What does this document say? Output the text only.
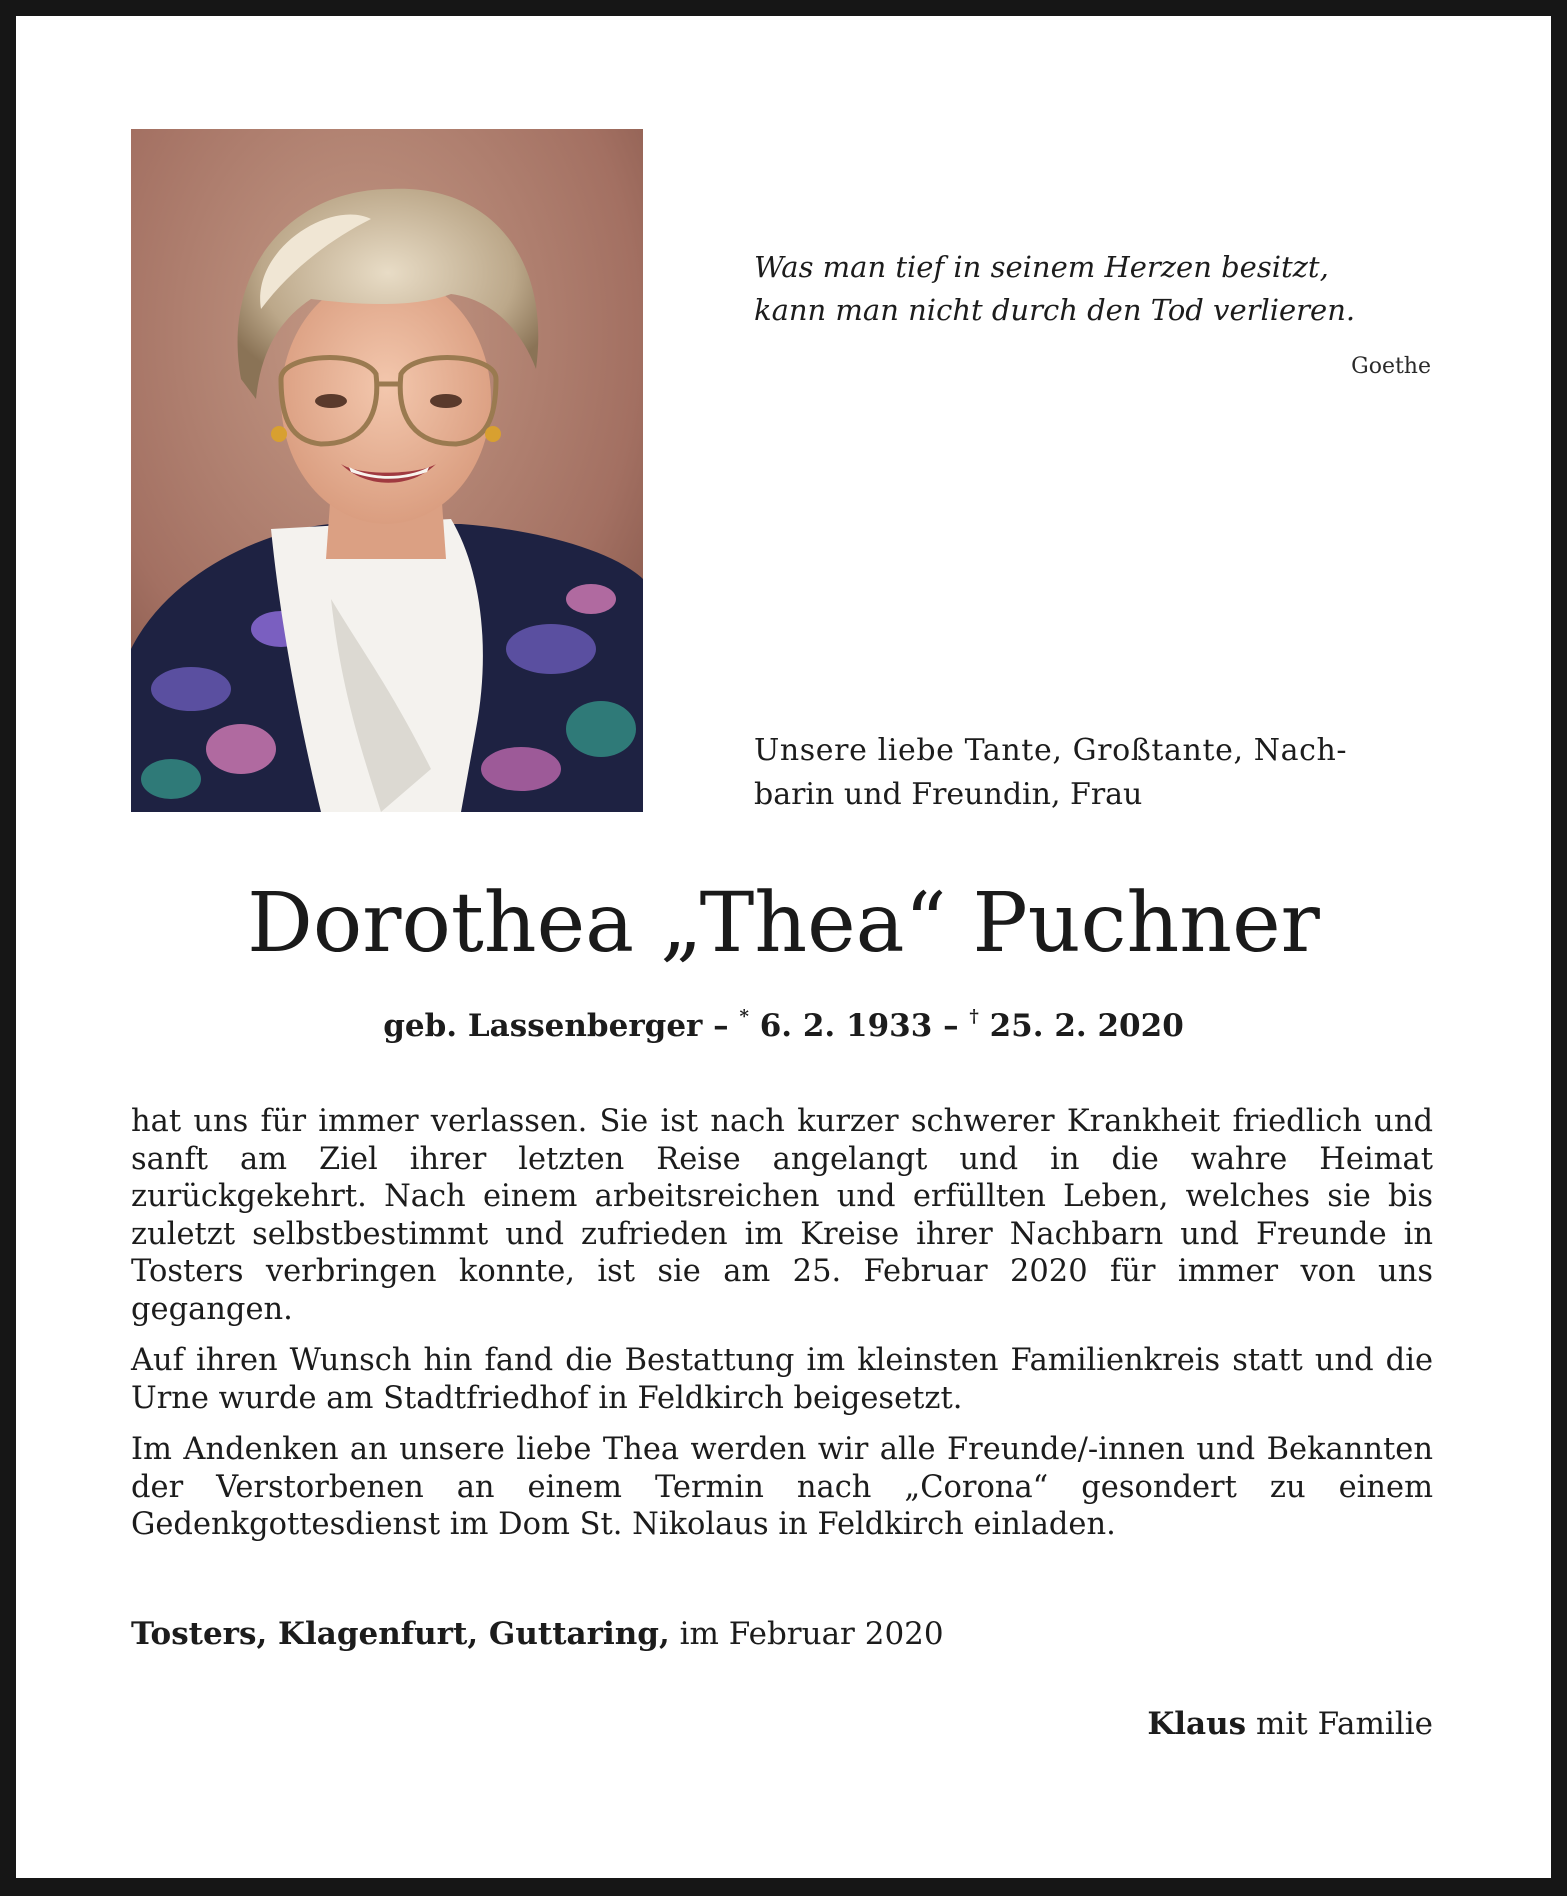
Was man tief in seinem Herzen besitzt,
kann man nicht durch den Tod verlieren.
Goethe
Unsere liebe Tante, Großtante, Nach-
barin und Freundin, Frau
Dorothea „Thea“ Puchner
geb. Lassenberger – * 6. 2. 1933 – † 25. 2. 2020

hat uns für immer verlassen. Sie ist nach kurzer schwerer Krankheit friedlich und sanft am Ziel ihrer letzten Reise angelangt und in die wahre Heimat zurückgekehrt. Nach einem arbeitsreichen und erfüllten Leben, welches sie bis zuletzt selbstbestimmt und zufrieden im Kreise ihrer Nachbarn und Freunde in Tosters verbringen konnte, ist sie am 25. Februar 2020 für immer von uns gegangen.

Auf ihren Wunsch hin fand die Bestattung im kleinsten Familienkreis statt und die Urne wurde am Stadtfriedhof in Feldkirch beigesetzt.

Im Andenken an unsere liebe Thea werden wir alle Freunde/-innen und Bekannten der Verstorbenen an einem Termin nach „Corona“ gesondert zu einem Gedenkgottesdienst im Dom St. Nikolaus in Feldkirch einladen.

Tosters, Klagenfurt, Guttaring, im Februar 2020
Klaus mit Familie
